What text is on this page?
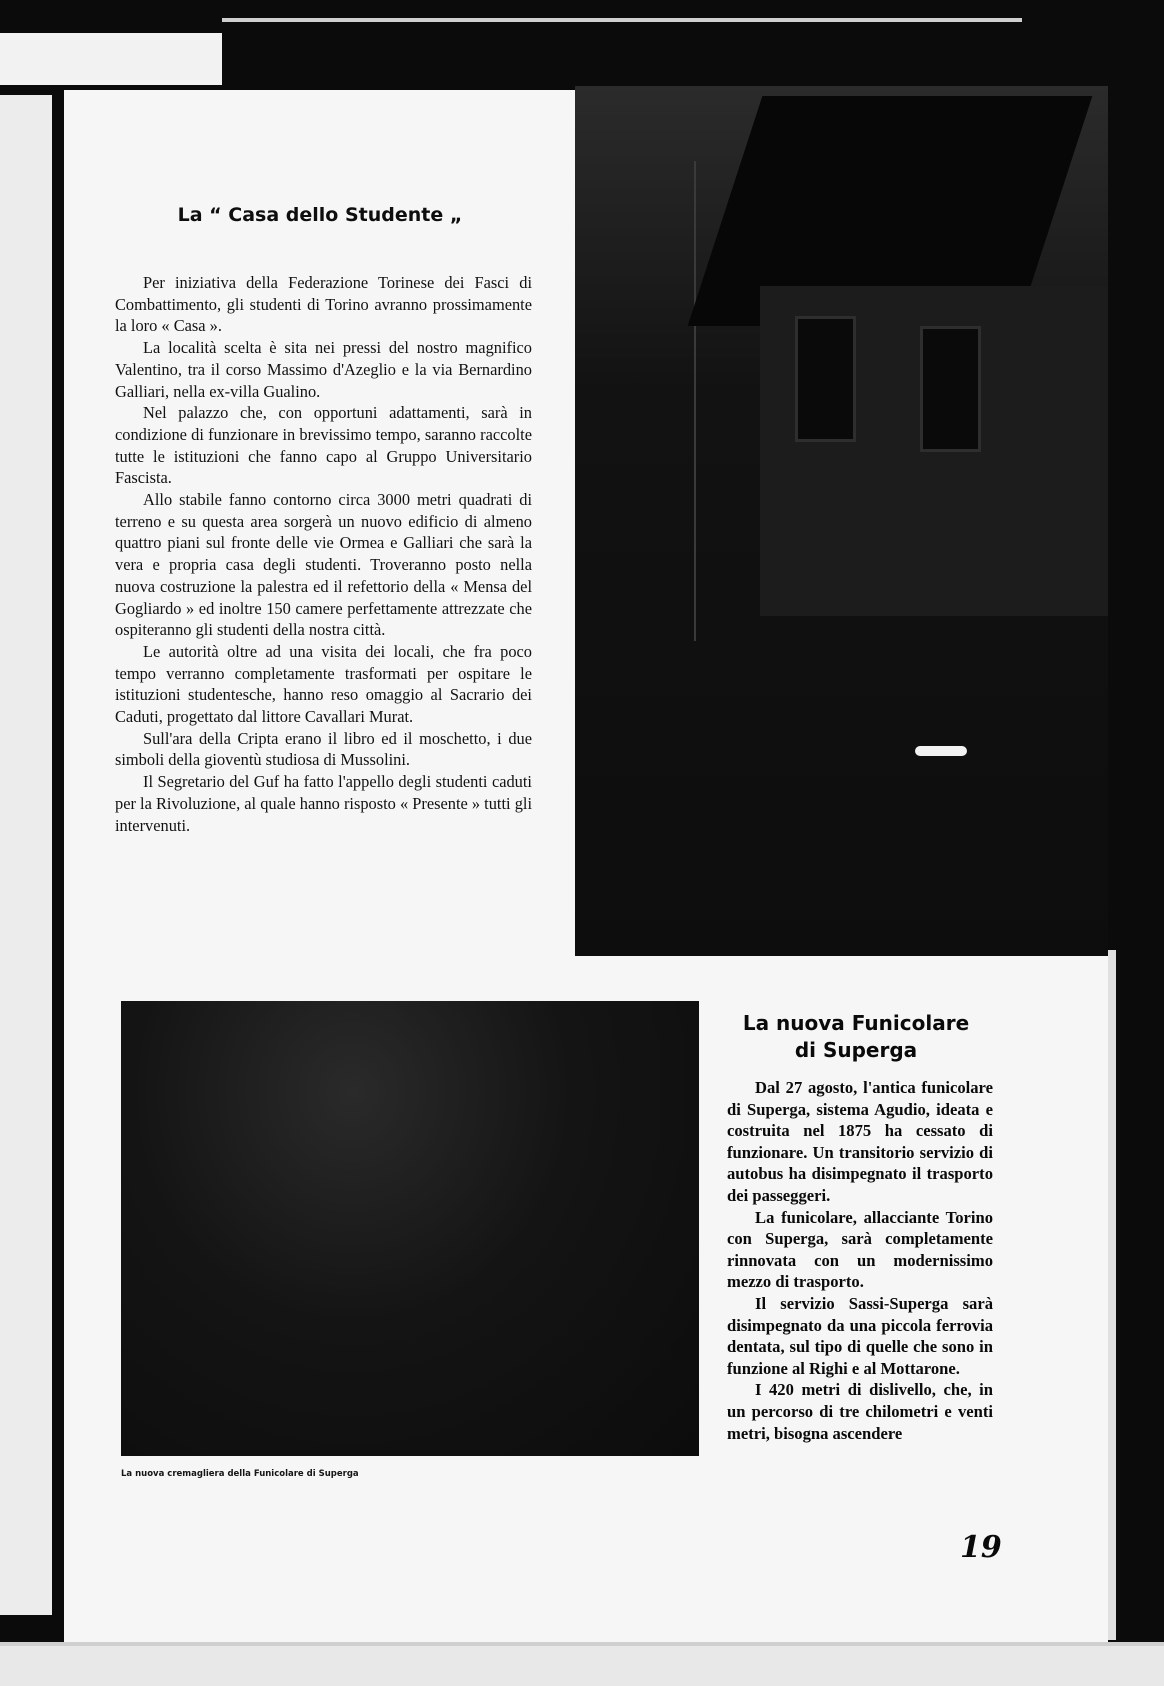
La “ Casa dello Studente „

Per iniziativa della Federazione Torinese dei Fasci di Combattimento, gli studenti di Torino avranno prossimamente la loro « Casa ».

La località scelta è sita nei pressi del nostro magnifico Valentino, tra il corso Massimo d'Azeglio e la via Bernardino Galliari, nella ex-villa Gualino.

Nel palazzo che, con opportuni adattamenti, sarà in condizione di funzionare in brevissimo tempo, saranno raccolte tutte le istituzioni che fanno capo al Gruppo Universitario Fascista.

Allo stabile fanno contorno circa 3000 metri quadrati di terreno e su questa area sorgerà un nuovo edificio di almeno quattro piani sul fronte delle vie Ormea e Galliari che sarà la vera e propria casa degli studenti. Troveranno posto nella nuova costruzione la palestra ed il refettorio della « Mensa del Gogliardo » ed inoltre 150 camere perfettamente attrezzate che ospiteranno gli studenti della nostra città.

Le autorità oltre ad una visita dei locali, che fra poco tempo verranno completamente trasformati per ospitare le istituzioni studentesche, hanno reso omaggio al Sacrario dei Caduti, progettato dal littore Cavallari Murat.

Sull'ara della Cripta erano il libro ed il moschetto, i due simboli della gioventù studiosa di Mussolini.

Il Segretario del Guf ha fatto l'appello degli studenti caduti per la Rivoluzione, al quale hanno risposto « Presente » tutti gli intervenuti.

La nuova Funicolare
di Superga

Dal 27 agosto, l'antica funicolare di Superga, sistema Agudio, ideata e costruita nel 1875 ha cessato di funzionare. Un transitorio servizio di autobus ha disimpegnato il trasporto dei passeggeri.

La funicolare, allacciante Torino con Superga, sarà completamente rinnovata con un modernissimo mezzo di trasporto.

Il servizio Sassi-Superga sarà disimpegnato da una piccola ferrovia dentata, sul tipo di quelle che sono in funzione al Righi e al Mottarone.

I 420 metri di dislivello, che, in un percorso di tre chilometri e venti metri, bisogna ascendere

La nuova cremagliera della Funicolare di Superga
19
